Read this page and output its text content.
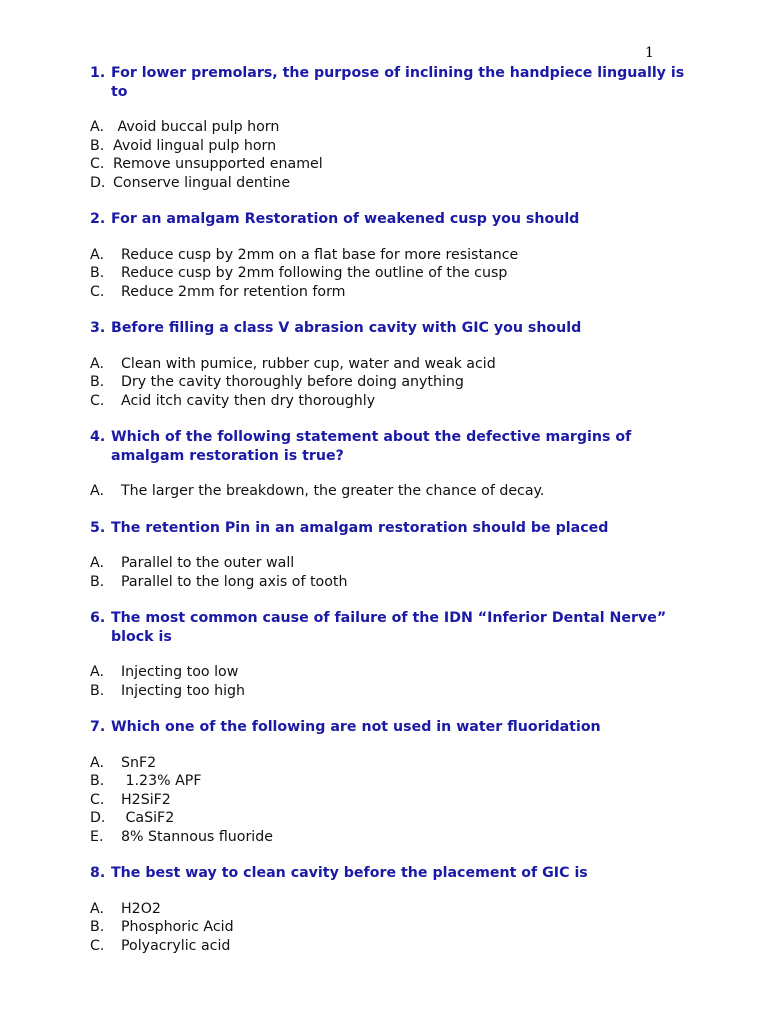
1
1. For lower premolars, the purpose of inclining the handpiece lingually is to
A. Avoid buccal pulp horn
B. Avoid lingual pulp horn
C. Remove unsupported enamel
D. Conserve lingual dentine
2. For an amalgam Restoration of weakened cusp you should
A.	Reduce cusp by 2mm on a flat base for more resistance
B.	Reduce cusp by 2mm following the outline of the cusp
C.	Reduce 2mm for retention form
3. Before filling a class V abrasion cavity with GIC you should
A.	Clean with pumice, rubber cup, water and weak acid
B.	Dry the cavity thoroughly before doing anything
C.	Acid itch cavity then dry thoroughly
4. Which of the following statement about the defective margins of amalgam restoration is true?
A.	The larger the breakdown, the greater the chance of decay.
5. The retention Pin in an amalgam restoration should be placed
A.	Parallel to the outer wall
B.	Parallel to the long axis of tooth
6. The most common cause of failure of the IDN “Inferior Dental Nerve” block is
A.	Injecting too low
B.	Injecting too high
7. Which one of the following are not used in water fluoridation
A.	SnF2
B.	1.23% APF
C.	H2SiF2
D.	CaSiF2
E.	8% Stannous fluoride
8. The best way to clean cavity before the placement of GIC is
A.	H2O2
B.	Phosphoric Acid
C.	Polyacrylic acid
